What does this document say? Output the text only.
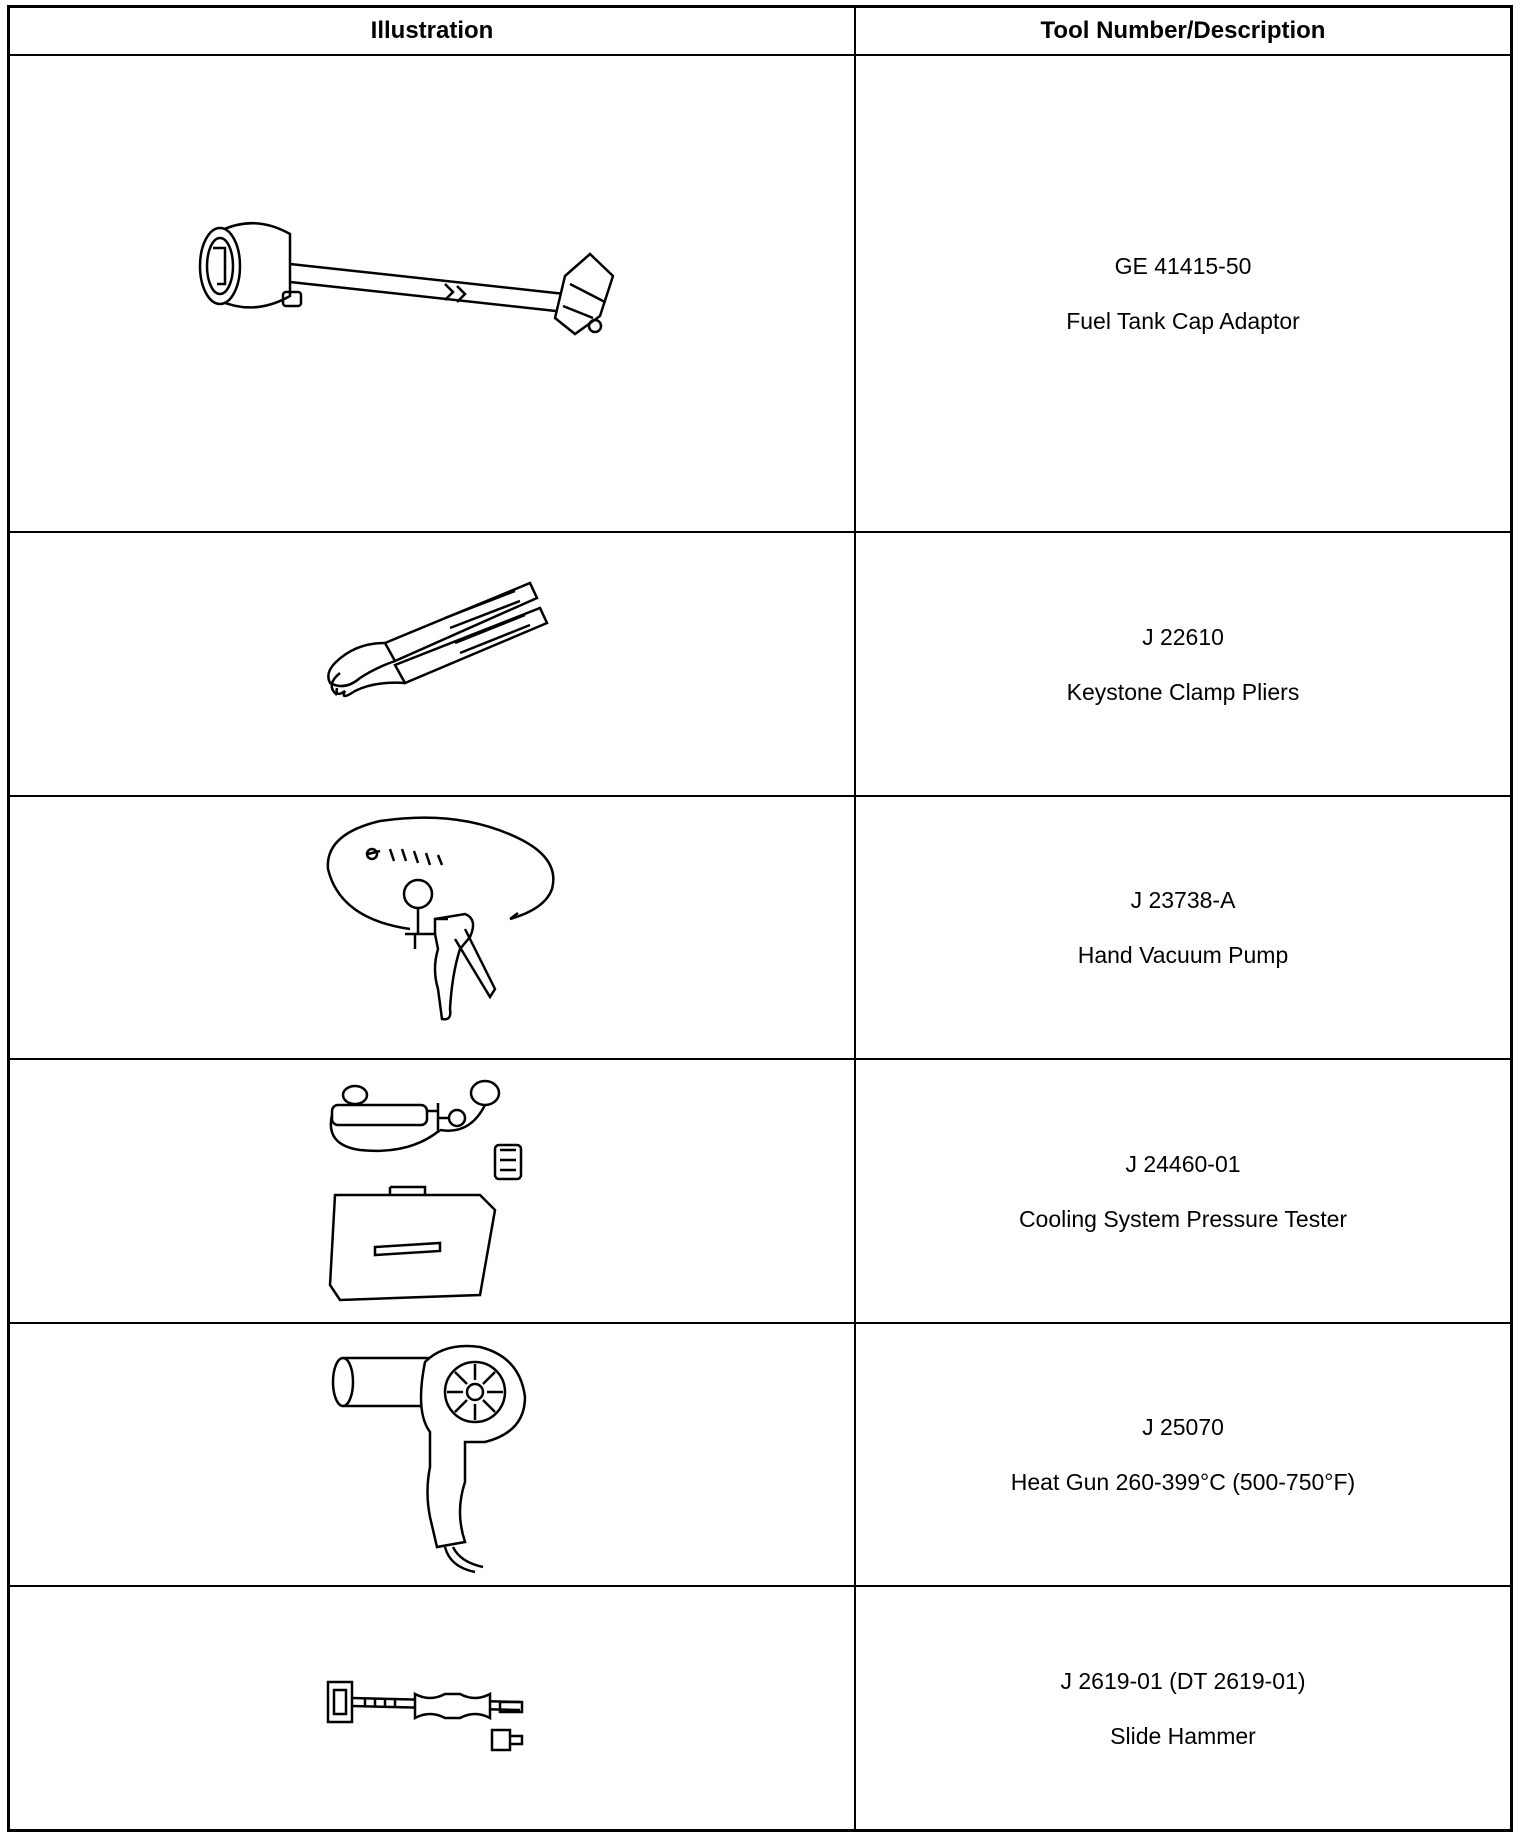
Illustration	Tool Number/Description
GE 41415-50
Fuel Tank Cap Adaptor
J 22610
Keystone Clamp Pliers
J 23738-A
Hand Vacuum Pump
J 24460-01
Cooling System Pressure Tester
J 25070
Heat Gun 260-399°C (500-750°F)
J 2619-01 (DT 2619-01)
Slide Hammer
